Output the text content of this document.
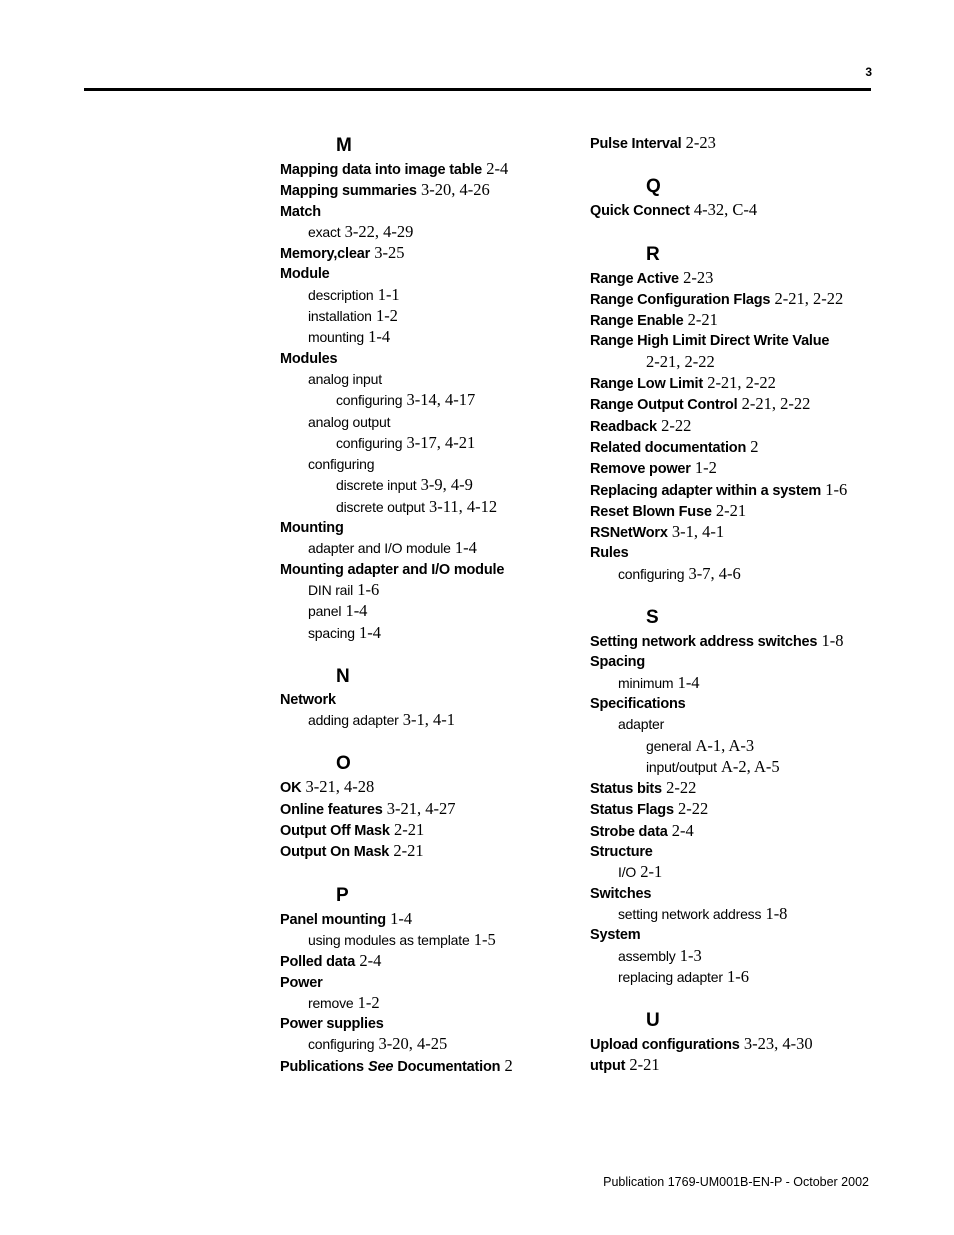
3
M
Mapping data into image table 2-4
Mapping summaries 3-20, 4-26
Match
exact 3-22, 4-29
Memory,clear 3-25
Module
description 1-1
installation 1-2
mounting 1-4
Modules
analog input
configuring 3-14, 4-17
analog output
configuring 3-17, 4-21
configuring
discrete input 3-9, 4-9
discrete output 3-11, 4-12
Mounting
adapter and I/O module 1-4
Mounting adapter and I/O module
DIN rail 1-6
panel 1-4
spacing 1-4
N
Network
adding adapter 3-1, 4-1
O
OK 3-21, 4-28
Online features 3-21, 4-27
Output Off Mask 2-21
Output On Mask 2-21
P
Panel mounting 1-4
using modules as template 1-5
Polled data 2-4
Power
remove 1-2
Power supplies
configuring 3-20, 4-25
Publications See Documentation 2
Pulse Interval 2-23
Q
Quick Connect 4-32, C-4
R
Range Active 2-23
Range Configuration Flags 2-21, 2-22
Range Enable 2-21
Range High Limit Direct Write Value
2-21, 2-22
Range Low Limit 2-21, 2-22
Range Output Control 2-21, 2-22
Readback 2-22
Related documentation 2
Remove power 1-2
Replacing adapter within a system 1-6
Reset Blown Fuse 2-21
RSNetWorx 3-1, 4-1
Rules
configuring 3-7, 4-6
S
Setting network address switches 1-8
Spacing
minimum 1-4
Specifications
adapter
general A-1, A-3
input/output A-2, A-5
Status bits 2-22
Status Flags 2-22
Strobe data 2-4
Structure
I/O 2-1
Switches
setting network address 1-8
System
assembly 1-3
replacing adapter 1-6
U
Upload configurations 3-23, 4-30
utput 2-21
Publication 1769-UM001B-EN-P - October 2002
